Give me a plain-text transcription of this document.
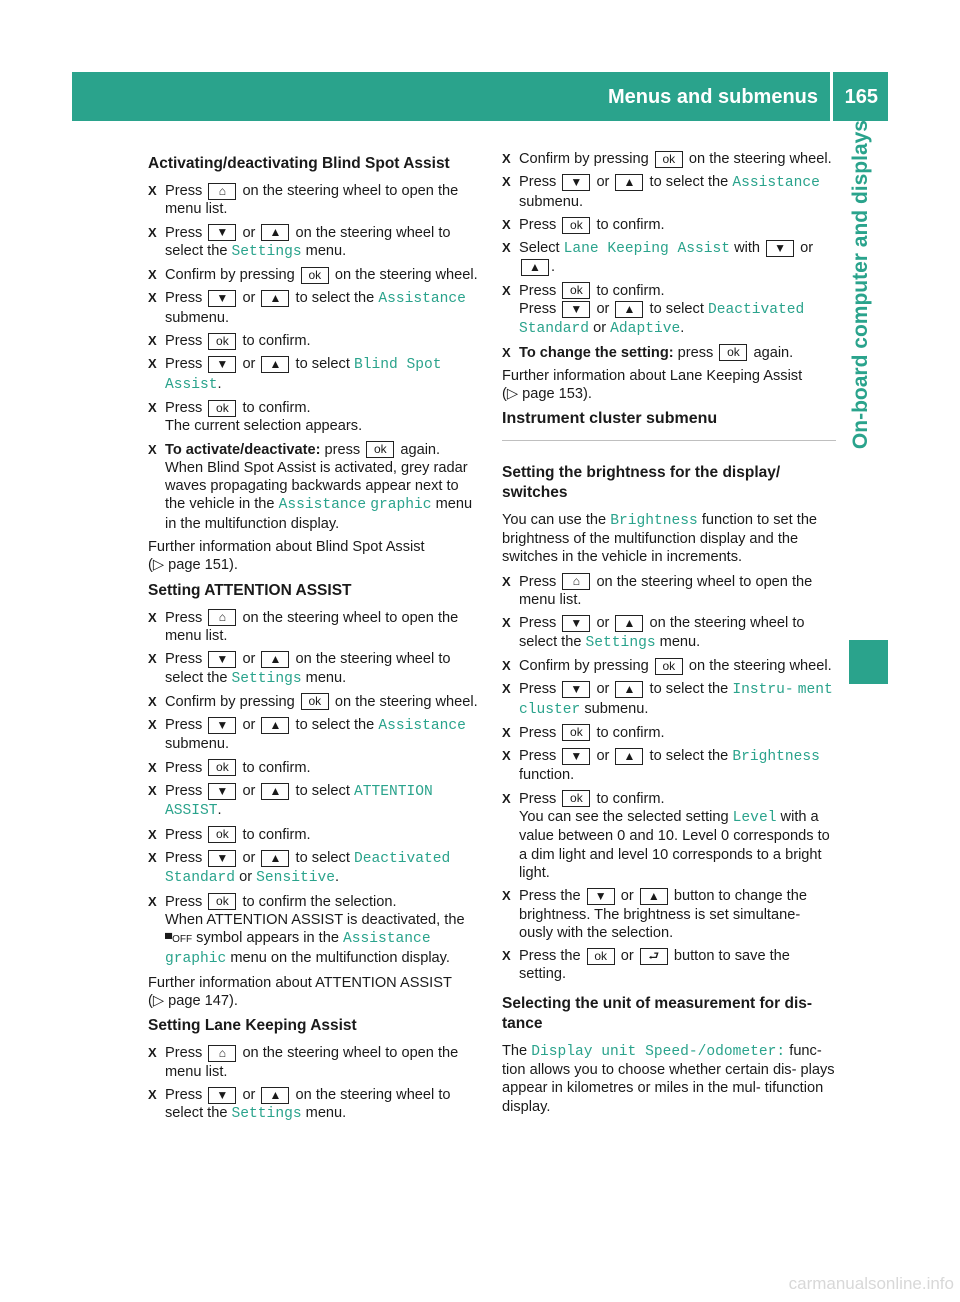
Menus and submenus 165
On-board computer and displays
Activating/deactivating Blind Spot Assist
X Press ⌂ on the steering wheel to open the menu list.
X Press ▼ or ▲ on the steering wheel to select the Settings menu.
X Confirm by pressing ok on the steering wheel.
X Press ▼ or ▲ to select the Assistance submenu.
X Press ok to confirm.
X Press ▼ or ▲ to select Blind Spot Assist.
X Press ok to confirm.
The current selection appears.
X To activate/deactivate: press ok again.
When Blind Spot Assist is activated, grey radar waves propagating backwards appear next to the vehicle in the Assistance graphic menu in the multifunction display.

Further information about Blind Spot Assist
(▷ page 151).

Setting ATTENTION ASSIST
X Press ⌂ on the steering wheel to open the menu list.
X Press ▼ or ▲ on the steering wheel to select the Settings menu.
X Confirm by pressing ok on the steering wheel.
X Press ▼ or ▲ to select the Assistance submenu.
X Press ok to confirm.
X Press ▼ or ▲ to select ATTENTION ASSIST.
X Press ok to confirm.
X Press ▼ or ▲ to select Deactivated Standard or Sensitive.
X Press ok to confirm the selection.
When ATTENTION ASSIST is deactivated, the ▀OFF symbol appears in the Assistance graphic menu on the multifunction display.

Further information about ATTENTION ASSIST
(▷ page 147).

Setting Lane Keeping Assist
X Press ⌂ on the steering wheel to open the menu list.
X Press ▼ or ▲ on the steering wheel to select the Settings menu.
X Confirm by pressing ok on the steering wheel.
X Press ▼ or ▲ to select the Assistance submenu.
X Press ok to confirm.
X Select Lane Keeping Assist with ▼ or ▲ .
X Press ok to confirm.
Press ▼ or ▲ to select Deactivated Standard or Adaptive.
X To change the setting: press ok again.

Further information about Lane Keeping Assist
(▷ page 153).

Instrument cluster submenu
Setting the brightness for the display/ switches

You can use the Brightness function to set the brightness of the multifunction display and the switches in the vehicle in increments.

X Press ⌂ on the steering wheel to open the menu list.
X Press ▼ or ▲ on the steering wheel to select the Settings menu.
X Confirm by pressing ok on the steering wheel.
X Press ▼ or ▲ to select the Instru‐ ment cluster submenu.
X Press ok to confirm.
X Press ▼ or ▲ to select the Brightness function.
X Press ok to confirm.
You can see the selected setting Level with a value between 0 and 10. Level 0 corresponds to a dim light and level 10 corresponds to a bright light.
X Press the ▼ or ▲ button to change the brightness. The brightness is set simultane‐ ously with the selection.
X Press the ok or ⮐ button to save the setting.
Selecting the unit of measurement for dis‐ tance

The Display unit Speed-/odometer: func‐ tion allows you to choose whether certain dis‐ plays appear in kilometres or miles in the mul‐ tifunction display.

carmanualsonline.info
